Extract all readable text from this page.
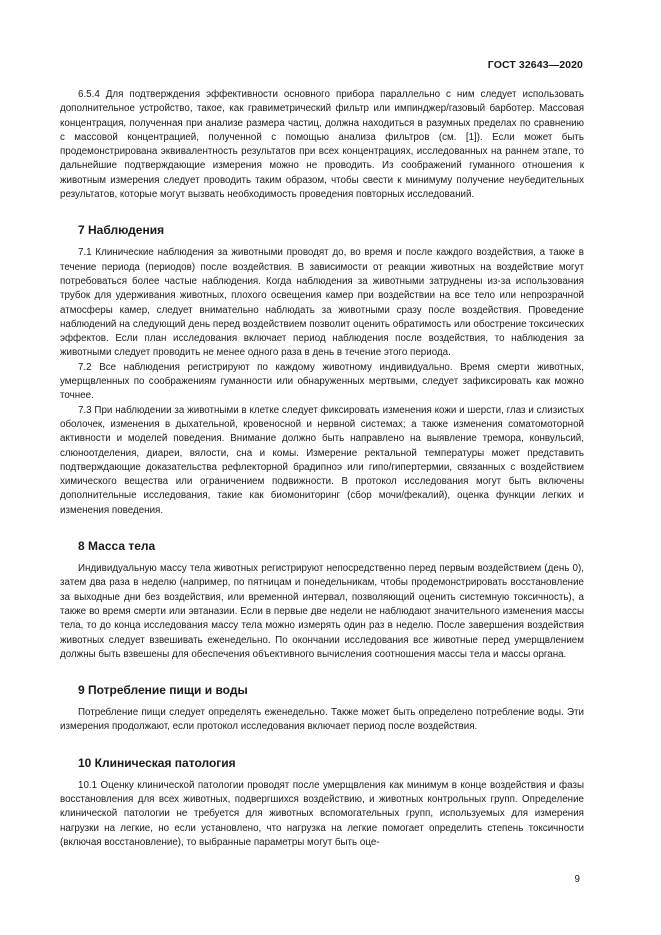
ГОСТ 32643—2020

6.5.4 Для подтверждения эффективности основного прибора параллельно с ним следует использовать дополнительное устройство, такое, как гравиметрический фильтр или импинджер/газовый барботер. Массовая концентрация, полученная при анализе размера частиц, должна находиться в разумных пределах по сравнению с массовой концентрацией, полученной с помощью анализа фильтров (см. [1]). Если может быть продемонстрирована эквивалентность результатов при всех концентрациях, исследованных на раннем этапе, то дальнейшие подтверждающие измерения можно не проводить. Из соображений гуманного отношения к животным измерения следует проводить таким образом, чтобы свести к минимуму получение неубедительных результатов, которые могут вызвать необходимость проведения повторных исследований.

7 Наблюдения

7.1 Клинические наблюдения за животными проводят до, во время и после каждого воздействия, а также в течение периода (периодов) после воздействия. В зависимости от реакции животных на воздействие могут потребоваться более частые наблюдения. Когда наблюдения за животными затруднены из-за использования трубок для удерживания животных, плохого освещения камер при воздействии на все тело или непрозрачной атмосферы камер, следует внимательно наблюдать за животными сразу после воздействия. Проведение наблюдений на следующий день перед воздействием позволит оценить обратимость или обострение токсических эффектов. Если план исследования включает период наблюдения после воздействия, то наблюдения за животными следует проводить не менее одного раза в день в течение этого периода.

7.2 Все наблюдения регистрируют по каждому животному индивидуально. Время смерти животных, умерщвленных по соображениям гуманности или обнаруженных мертвыми, следует зафиксировать как можно точнее.

7.3 При наблюдении за животными в клетке следует фиксировать изменения кожи и шерсти, глаз и слизистых оболочек, изменения в дыхательной, кровеносной и нервной системах; а также изменения соматомоторной активности и моделей поведения. Внимание должно быть направлено на выявление тремора, конвульсий, слюноотделения, диареи, вялости, сна и комы. Измерение ректальной температуры может представить подтверждающие доказательства рефлекторной брадипноэ или гипо/гипертермии, связанных с воздействием химического вещества или ограничением подвижности. В протокол исследования могут быть включены дополнительные исследования, такие как биомониторинг (сбор мочи/фекалий), оценка функции легких и изменения поведения.

8 Масса тела

Индивидуальную массу тела животных регистрируют непосредственно перед первым воздействием (день 0), затем два раза в неделю (например, по пятницам и понедельникам, чтобы продемонстрировать восстановление за выходные дни без воздействия, или временной интервал, позволяющий оценить системную токсичность), а также во время смерти или эвтаназии. Если в первые две недели не наблюдают значительного изменения массы тела, то до конца исследования массу тела можно измерять один раз в неделю. После завершения воздействия животных следует взвешивать еженедельно. По окончании исследования все животные перед умерщвлением должны быть взвешены для обеспечения объективного вычисления соотношения массы тела и массы органа.

9 Потребление пищи и воды

Потребление пищи следует определять еженедельно. Также может быть определено потребление воды. Эти измерения продолжают, если протокол исследования включает период после воздействия.

10 Клиническая патология

10.1 Оценку клинической патологии проводят после умерщвления как минимум в конце воздействия и фазы восстановления для всех животных, подвергшихся воздействию, и животных контрольных групп. Определение клинической патологии не требуется для животных вспомогательных групп, используемых для измерения нагрузки на легкие, но если установлено, что нагрузка на легкие помогает определить степень токсичности (включая восстановление), то выбранные параметры могут быть оце-

9
